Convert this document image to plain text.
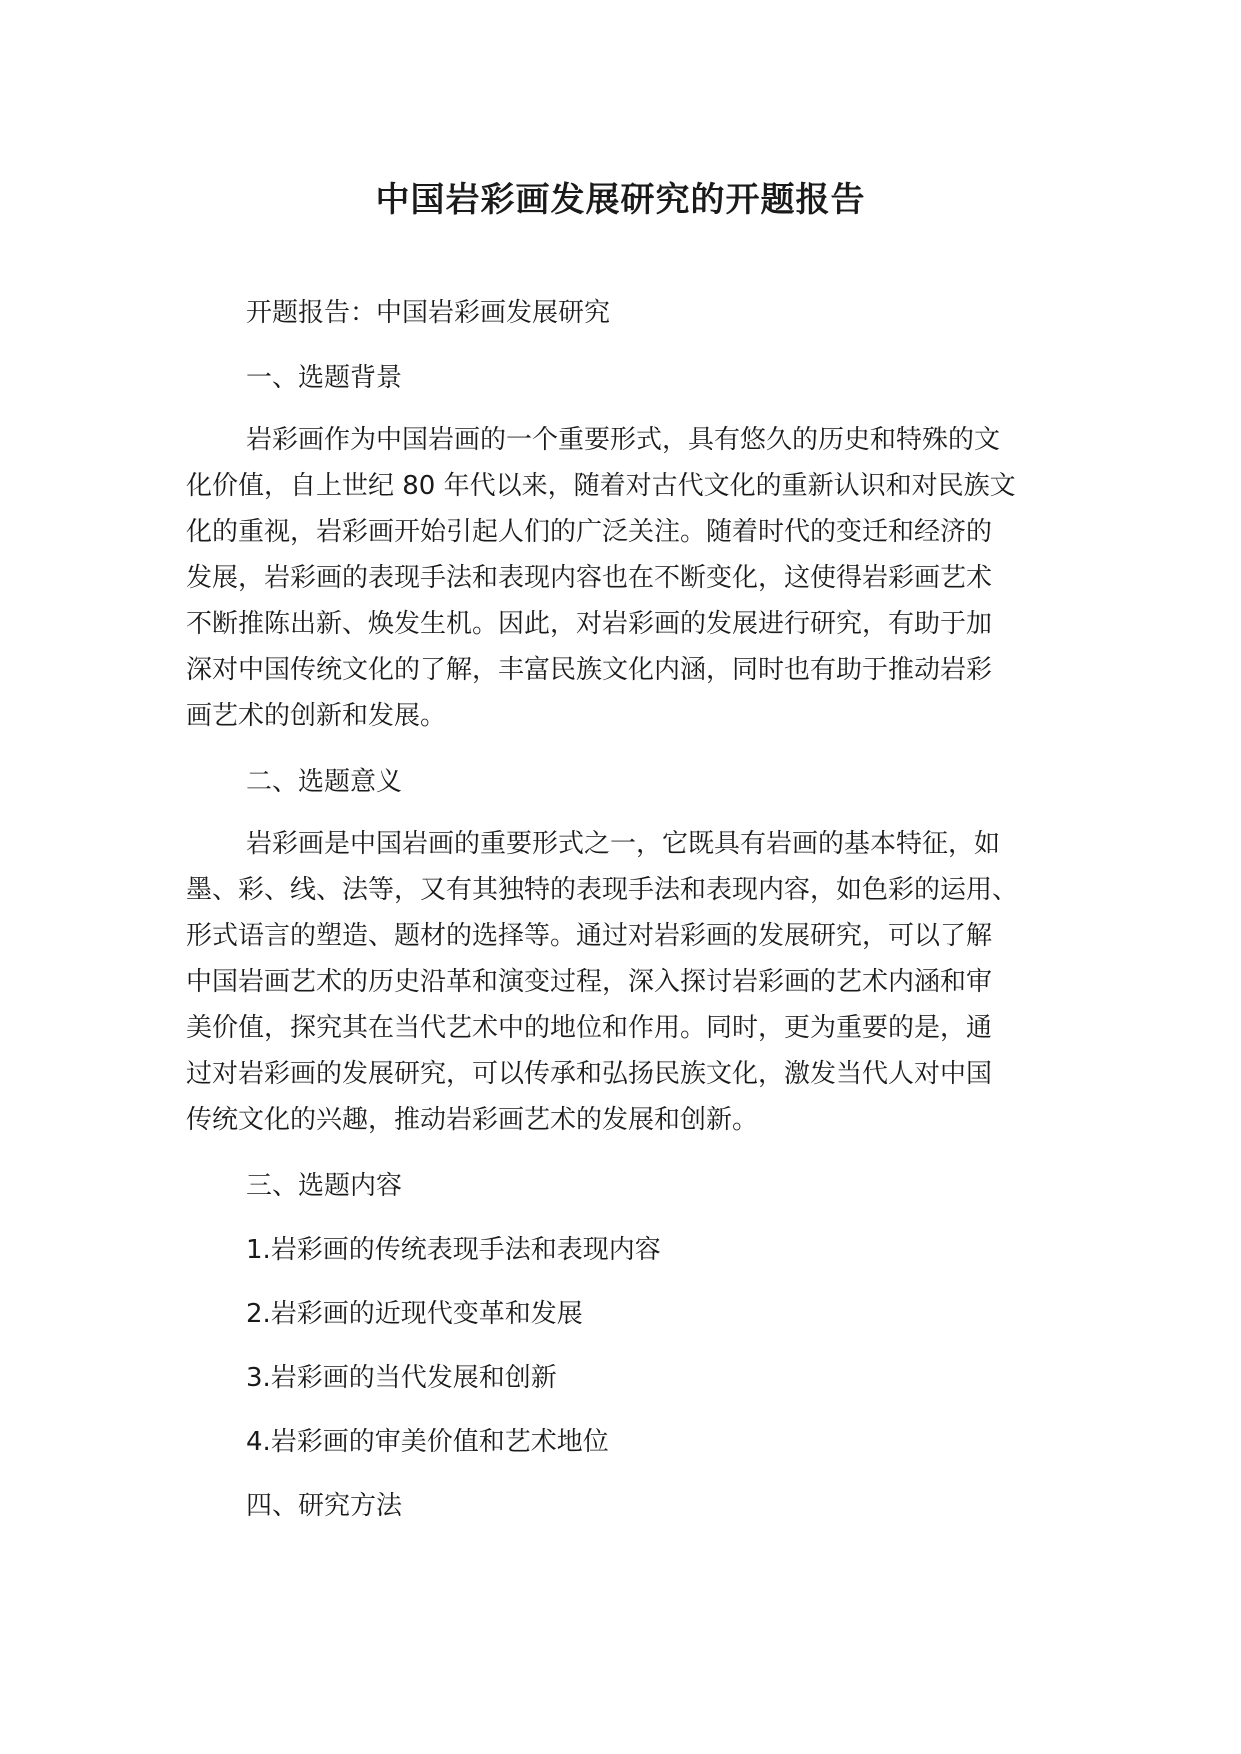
中国岩彩画发展研究的开题报告
开题报告：中国岩彩画发展研究
一、选题背景
岩彩画作为中国岩画的一个重要形式，具有悠久的历史和特殊的文
化价值，自上世纪 80 年代以来，随着对古代文化的重新认识和对民族文
化的重视，岩彩画开始引起人们的广泛关注。随着时代的变迁和经济的
发展，岩彩画的表现手法和表现内容也在不断变化，这使得岩彩画艺术
不断推陈出新、焕发生机。因此，对岩彩画的发展进行研究，有助于加
深对中国传统文化的了解，丰富民族文化内涵，同时也有助于推动岩彩
画艺术的创新和发展。
二、选题意义
岩彩画是中国岩画的重要形式之一，它既具有岩画的基本特征，如
墨、彩、线、法等，又有其独特的表现手法和表现内容，如色彩的运用、
形式语言的塑造、题材的选择等。通过对岩彩画的发展研究，可以了解
中国岩画艺术的历史沿革和演变过程，深入探讨岩彩画的艺术内涵和审
美价值，探究其在当代艺术中的地位和作用。同时，更为重要的是，通
过对岩彩画的发展研究，可以传承和弘扬民族文化，激发当代人对中国
传统文化的兴趣，推动岩彩画艺术的发展和创新。
三、选题内容
1.岩彩画的传统表现手法和表现内容
2.岩彩画的近现代变革和发展
3.岩彩画的当代发展和创新
4.岩彩画的审美价值和艺术地位
四、研究方法
